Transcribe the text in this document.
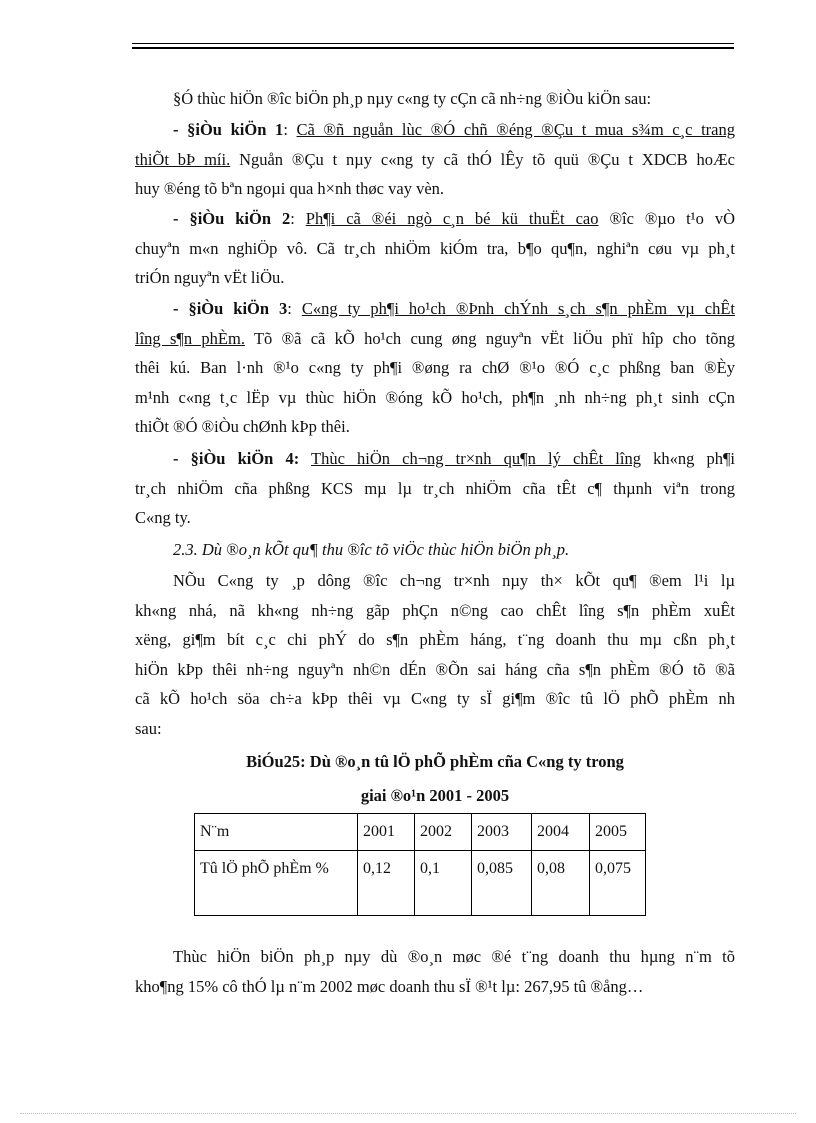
§Ó thùc hiÖn ®îc biÖn ph¸p nµy c«ng ty cÇn cã nh÷ng ®iÒu kiÖn sau:
- §iÒu kiÖn 1: Cã ®ñ nguån lùc ®Ó chñ ®éng ®Çu t mua s¾m c¸c trang
thiÕt bÞ míi. Nguån ®Çu t nµy c«ng ty cã thÓ lÊy tõ quü ®Çu t XDCB hoÆc
huy ®éng tõ bªn ngoµi qua h×nh thøc vay vèn.
- §iÒu kiÖn 2: Ph¶i cã ®éi ngò c¸n bé kü thuËt cao ®îc ®µo t¹o vÒ
chuyªn m«n nghiÖp vô. Cã tr¸ch nhiÖm kiÓm tra, b¶o qu¶n, nghiªn cøu vµ ph¸t
triÓn nguyªn vËt liÖu.
- §iÒu kiÖn 3: C«ng ty ph¶i ho¹ch ®Þnh chÝnh s¸ch s¶n phÈm vµ chÊt
lîng s¶n phÈm. Tõ ®ã cã kÕ ho¹ch cung øng nguyªn vËt liÖu phï hîp cho tõng
thêi kú. Ban l·nh ®¹o c«ng ty ph¶i ®øng ra chØ ®¹o ®Ó c¸c phßng ban ®Èy
m¹nh c«ng t¸c lËp vµ thùc hiÖn ®óng kÕ ho¹ch, ph¶n ¸nh nh÷ng ph¸t sinh cÇn
thiÕt ®Ó ®iÒu chØnh kÞp thêi.
- §iÒu kiÖn 4: Thùc hiÖn ch¬ng tr×nh qu¶n lý chÊt lîng kh«ng ph¶i
tr¸ch nhiÖm cña phßng KCS mµ lµ tr¸ch nhiÖm cña tÊt c¶ thµnh viªn trong
C«ng ty.
2.3. Dù ®o¸n kÕt qu¶ thu ®îc tõ viÖc thùc hiÖn biÖn ph¸p.
NÕu C«ng ty ¸p dông ®îc ch¬ng tr×nh nµy th× kÕt qu¶ ®em l¹i lµ
kh«ng nhá, nã kh«ng nh÷ng gãp phÇn n©ng cao chÊt lîng s¶n phÈm xuÊt
xëng, gi¶m bít c¸c chi phÝ do s¶n phÈm háng, t¨ng doanh thu mµ cßn ph¸t
hiÖn kÞp thêi nh÷ng nguyªn nh©n dÉn ®Õn sai háng cña s¶n phÈm ®Ó tõ ®ã
cã kÕ ho¹ch söa ch÷a kÞp thêi vµ C«ng ty sÏ gi¶m ®îc tû lÖ phÕ phÈm nh
sau:
BiÓu25: Dù ®o¸n tû lÖ phÕ phÈm cña C«ng ty trong
giai ®o¹n 2001 - 2005
N¨m	2001	2002	2003	2004	2005
Tû lÖ phÕ phÈm %	0,12	0,1	0,085	0,08	0,075
Thùc hiÖn biÖn ph¸p nµy dù ®o¸n møc ®é t¨ng doanh thu hµng n¨m tõ
kho¶ng 15% cô thÓ lµ n¨m 2002 møc doanh thu sÏ ®¹t lµ: 267,95 tû ®ång…
